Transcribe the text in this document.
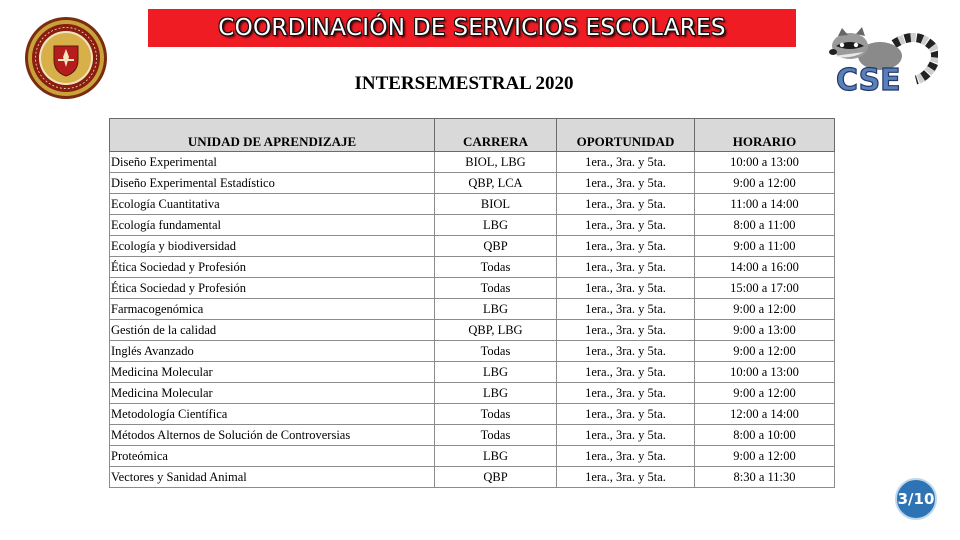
COORDINACIÓN DE SERVICIOS ESCOLARES
CSE
INTERSEMESTRAL 2020
UNIDAD DE APRENDIZAJE	CARRERA	OPORTUNIDAD	HORARIO
Diseño Experimental	BIOL, LBG	1era., 3ra. y 5ta.	10:00 a 13:00
Diseño Experimental Estadístico	QBP, LCA	1era., 3ra. y 5ta.	9:00 a 12:00
Ecología Cuantitativa	BIOL	1era., 3ra. y 5ta.	11:00 a 14:00
Ecología fundamental	LBG	1era., 3ra. y 5ta.	8:00 a 11:00
Ecología y biodiversidad	QBP	1era., 3ra. y 5ta.	9:00 a 11:00
Ética Sociedad y Profesión	Todas	1era., 3ra. y 5ta.	14:00 a 16:00
Ética Sociedad y Profesión	Todas	1era., 3ra. y 5ta.	15:00 a 17:00
Farmacogenómica	LBG	1era., 3ra. y 5ta.	9:00 a 12:00
Gestión de la calidad	QBP, LBG	1era., 3ra. y 5ta.	9:00 a 13:00
Inglés Avanzado	Todas	1era., 3ra. y 5ta.	9:00 a 12:00
Medicina Molecular	LBG	1era., 3ra. y 5ta.	10:00 a 13:00
Medicina Molecular	LBG	1era., 3ra. y 5ta.	9:00 a 12:00
Metodología Científica	Todas	1era., 3ra. y 5ta.	12:00 a 14:00
Métodos Alternos de Solución de Controversias	Todas	1era., 3ra. y 5ta.	8:00 a 10:00
Proteómica	LBG	1era., 3ra. y 5ta.	9:00 a 12:00
Vectores y Sanidad Animal	QBP	1era., 3ra. y 5ta.	8:30 a 11:30
3/10
